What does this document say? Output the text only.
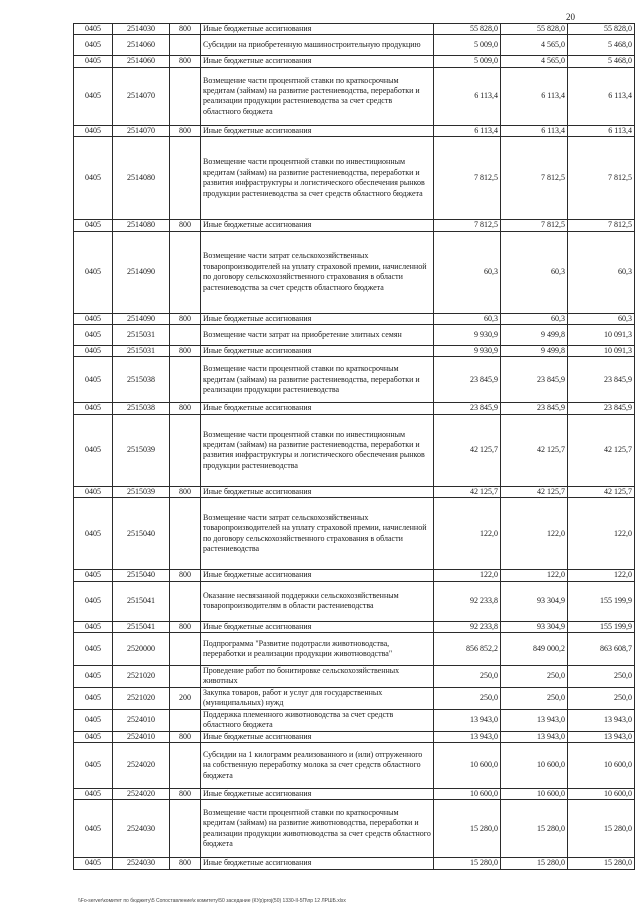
20
0405	2514030	800	Иные бюджетные ассигнования	55 828,0	55 828,0	55 828,0
0405	2514060		Субсидии на приобретенную машиностроительную продукцию	5 009,0	4 565,0	5 468,0
0405	2514060	800	Иные бюджетные ассигнования	5 009,0	4 565,0	5 468,0
0405	2514070		Возмещение части процентной ставки по краткосрочным кредитам (займам) на развитие растениеводства, переработки и реализации продукции растениеводства за счет средств областного бюджета	6 113,4	6 113,4	6 113,4
0405	2514070	800	Иные бюджетные ассигнования	6 113,4	6 113,4	6 113,4
0405	2514080		Возмещение части процентной ставки по инвестиционным кредитам (займам) на развитие растениеводства, переработки и развития инфраструктуры и логистического обеспечения рынков продукции растениеводства за счет средств областного бюджета	7 812,5	7 812,5	7 812,5
0405	2514080	800	Иные бюджетные ассигнования	7 812,5	7 812,5	7 812,5
0405	2514090		Возмещение части затрат сельскохозяйственных товаропроизводителей на уплату страховой премии, начисленной по договору сельскохозяйственного страхования в области растениеводства за счет средств областного бюджета	60,3	60,3	60,3
0405	2514090	800	Иные бюджетные ассигнования	60,3	60,3	60,3
0405	2515031		Возмещение части затрат на приобретение элитных семян	9 930,9	9 499,8	10 091,3
0405	2515031	800	Иные бюджетные ассигнования	9 930,9	9 499,8	10 091,3
0405	2515038		Возмещение части процентной ставки по краткосрочным кредитам (займам) на развитие растениеводства, переработки и реализации продукции растениеводства	23 845,9	23 845,9	23 845,9
0405	2515038	800	Иные бюджетные ассигнования	23 845,9	23 845,9	23 845,9
0405	2515039		Возмещение части процентной ставки по инвестиционным кредитам (займам) на развитие растениеводства, переработки и развития инфраструктуры и логистического обеспечения рынков продукции растениеводства	42 125,7	42 125,7	42 125,7
0405	2515039	800	Иные бюджетные ассигнования	42 125,7	42 125,7	42 125,7
0405	2515040		Возмещение части затрат сельскохозяйственных товаропроизводителей на уплату страховой премии, начисленной по договору сельскохозяйственного страхования в области растениеводства	122,0	122,0	122,0
0405	2515040	800	Иные бюджетные ассигнования	122,0	122,0	122,0
0405	2515041		Оказание несвязанной поддержки сельскохозяйственным товаропроизводителям в области растениеводства	92 233,8	93 304,9	155 199,9
0405	2515041	800	Иные бюджетные ассигнования	92 233,8	93 304,9	155 199,9
0405	2520000		Подпрограмма "Развитие подотрасли животноводства, переработки и реализации продукции животноводства"	856 852,2	849 000,2	863 608,7
0405	2521020		Проведение работ по бонитировке сельскохозяйственных животных	250,0	250,0	250,0
0405	2521020	200	Закупка товаров, работ и услуг для государственных (муниципальных) нужд	250,0	250,0	250,0
0405	2524010		Поддержка племенного животноводства за счет средств областного бюджета	13 943,0	13 943,0	13 943,0
0405	2524010	800	Иные бюджетные ассигнования	13 943,0	13 943,0	13 943,0
0405	2524020		Субсидии на 1 килограмм реализованного и (или) отгруженного на собственную переработку молока за счет средств областного бюджета	10 600,0	10 600,0	10 600,0
0405	2524020	800	Иные бюджетные ассигнования	10 600,0	10 600,0	10 600,0
0405	2524030		Возмещение части процентной ставки по краткосрочным кредитам (займам) на развитие животноводства, переработки и реализации продукции животноводства за счет средств областного бюджета	15 280,0	15 280,0	15 280,0
0405	2524030	800	Иные бюджетные ассигнования	15 280,0	15 280,0	15 280,0
\\Fo-server\комитет по бюджету\5 Сопоставление\к комитету\50 заседание (КУр)proj(50) 1330-II-5П\пр 12 ЛРШБ.xlsx
